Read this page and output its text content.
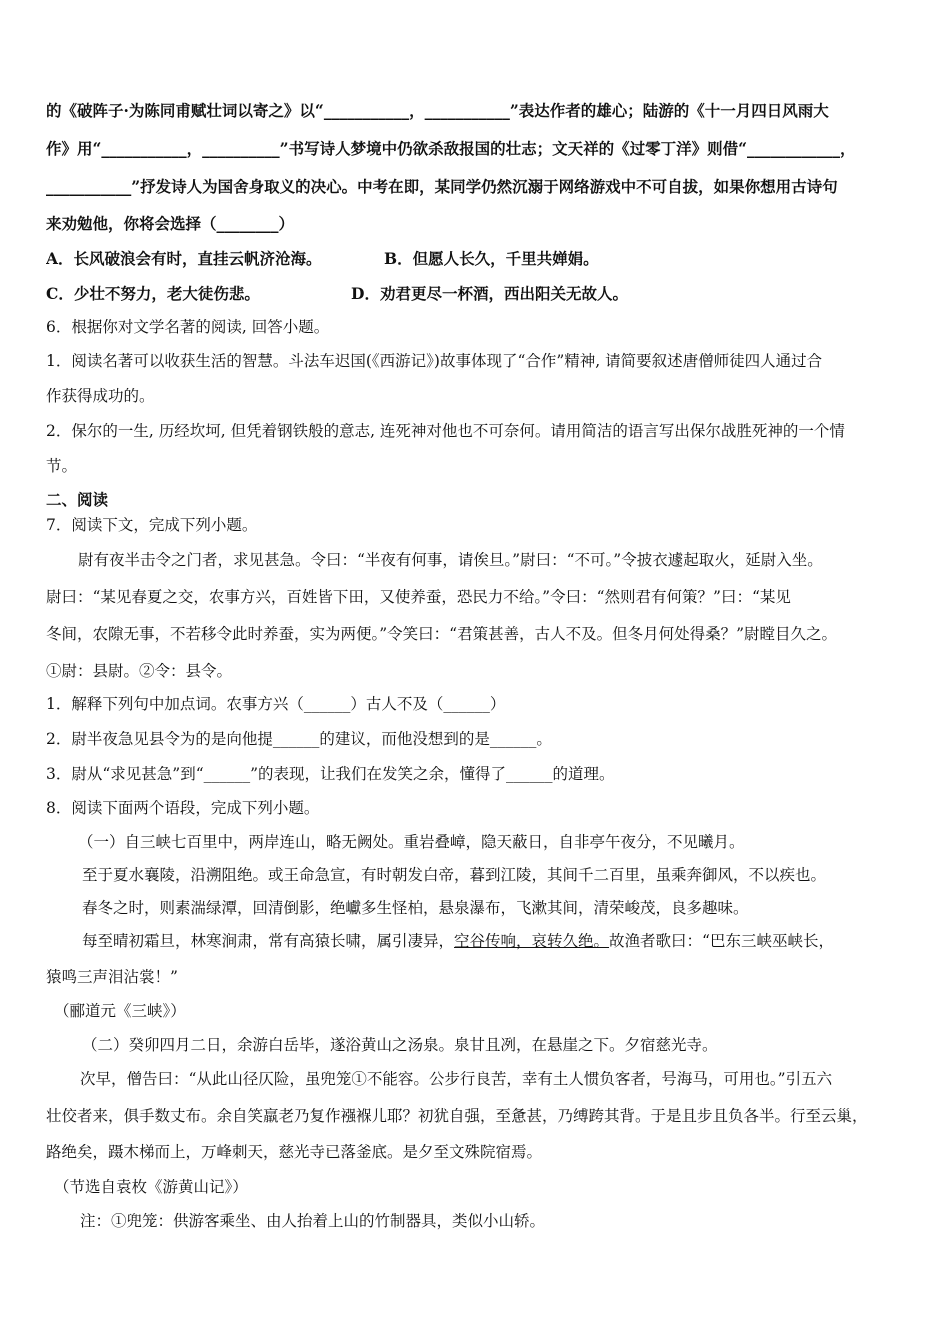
的《破阵子·为陈同甫赋壮词以寄之》以“___________，___________”表达作者的雄心；陆游的《十一月四日风雨大
作》用“___________，__________”书写诗人梦境中仍欲杀敌报国的壮志；文天祥的《过零丁洋》则借“____________，
___________”抒发诗人为国舍身取义的决心。中考在即，某同学仍然沉溺于网络游戏中不可自拔，如果你想用古诗句
来劝勉他，你将会选择（________）
A．长风破浪会有时，直挂云帆济沧海。	B．但愿人长久，千里共婵娟。
C．少壮不努力，老大徒伤悲。	D．劝君更尽一杯酒，西出阳关无故人。
6．根据你对文学名著的阅读, 回答小题。
1．阅读名著可以收获生活的智慧。斗法车迟国(《西游记》)故事体现了“合作”精神, 请简要叙述唐僧师徒四人通过合
作获得成功的。
2．保尔的一生, 历经坎坷, 但凭着钢铁般的意志, 连死神对他也不可奈何。请用简洁的语言写出保尔战胜死神的一个情
节。
二、阅读
7．阅读下文，完成下列小题。
尉有夜半击令之门者，求见甚急。令曰：“半夜有何事，请俟旦。”尉曰：“不可。”令披衣遽起取火，延尉入坐。
尉曰：“某见春夏之交，农事方兴，百姓皆下田，又使养蚕，恐民力不给。”令曰：“然则君有何策？”曰：“某见
冬间，农隙无事，不若移令此时养蚕，实为两便。”令笑曰：“君策甚善，古人不及。但冬月何处得桑？”尉瞠目久之。
①尉：县尉。②令：县令。
1．解释下列句中加点词。农事方兴（______）古人不及（______）
2．尉半夜急见县令为的是向他提______的建议，而他没想到的是______。
3．尉从“求见甚急”到“______”的表现，让我们在发笑之余，懂得了______的道理。
8．阅读下面两个语段，完成下列小题。
（一）自三峡七百里中，两岸连山，略无阙处。重岩叠嶂，隐天蔽日，自非亭午夜分，不见曦月。
至于夏水襄陵，沿溯阻绝。或王命急宣，有时朝发白帝，暮到江陵，其间千二百里，虽乘奔御风，不以疾也。
春冬之时，则素湍绿潭，回清倒影，绝巘多生怪柏，悬泉瀑布，飞漱其间，清荣峻茂，良多趣味。
每至晴初霜旦，林寒涧肃，常有高猿长啸，属引凄异，空谷传响，哀转久绝。故渔者歌曰：“巴东三峡巫峡长，
猿鸣三声泪沾裳！”
（郦道元《三峡》）
（二）癸卯四月二日，余游白岳毕，遂浴黄山之汤泉。泉甘且冽，在悬崖之下。夕宿慈光寺。
次早，僧告曰：“从此山径仄险，虽兜笼①不能容。公步行良苦，幸有土人惯负客者，号海马，可用也。”引五六
壮佼者来，俱手数丈布。余自笑羸老乃复作襁褓儿耶？初犹自强，至惫甚，乃缚跨其背。于是且步且负各半。行至云巢，
路绝矣，蹑木梯而上，万峰刺天，慈光寺已落釜底。是夕至文殊院宿焉。
（节选自袁枚《游黄山记》）
注：①兜笼：供游客乘坐、由人抬着上山的竹制器具，类似小山轿。
